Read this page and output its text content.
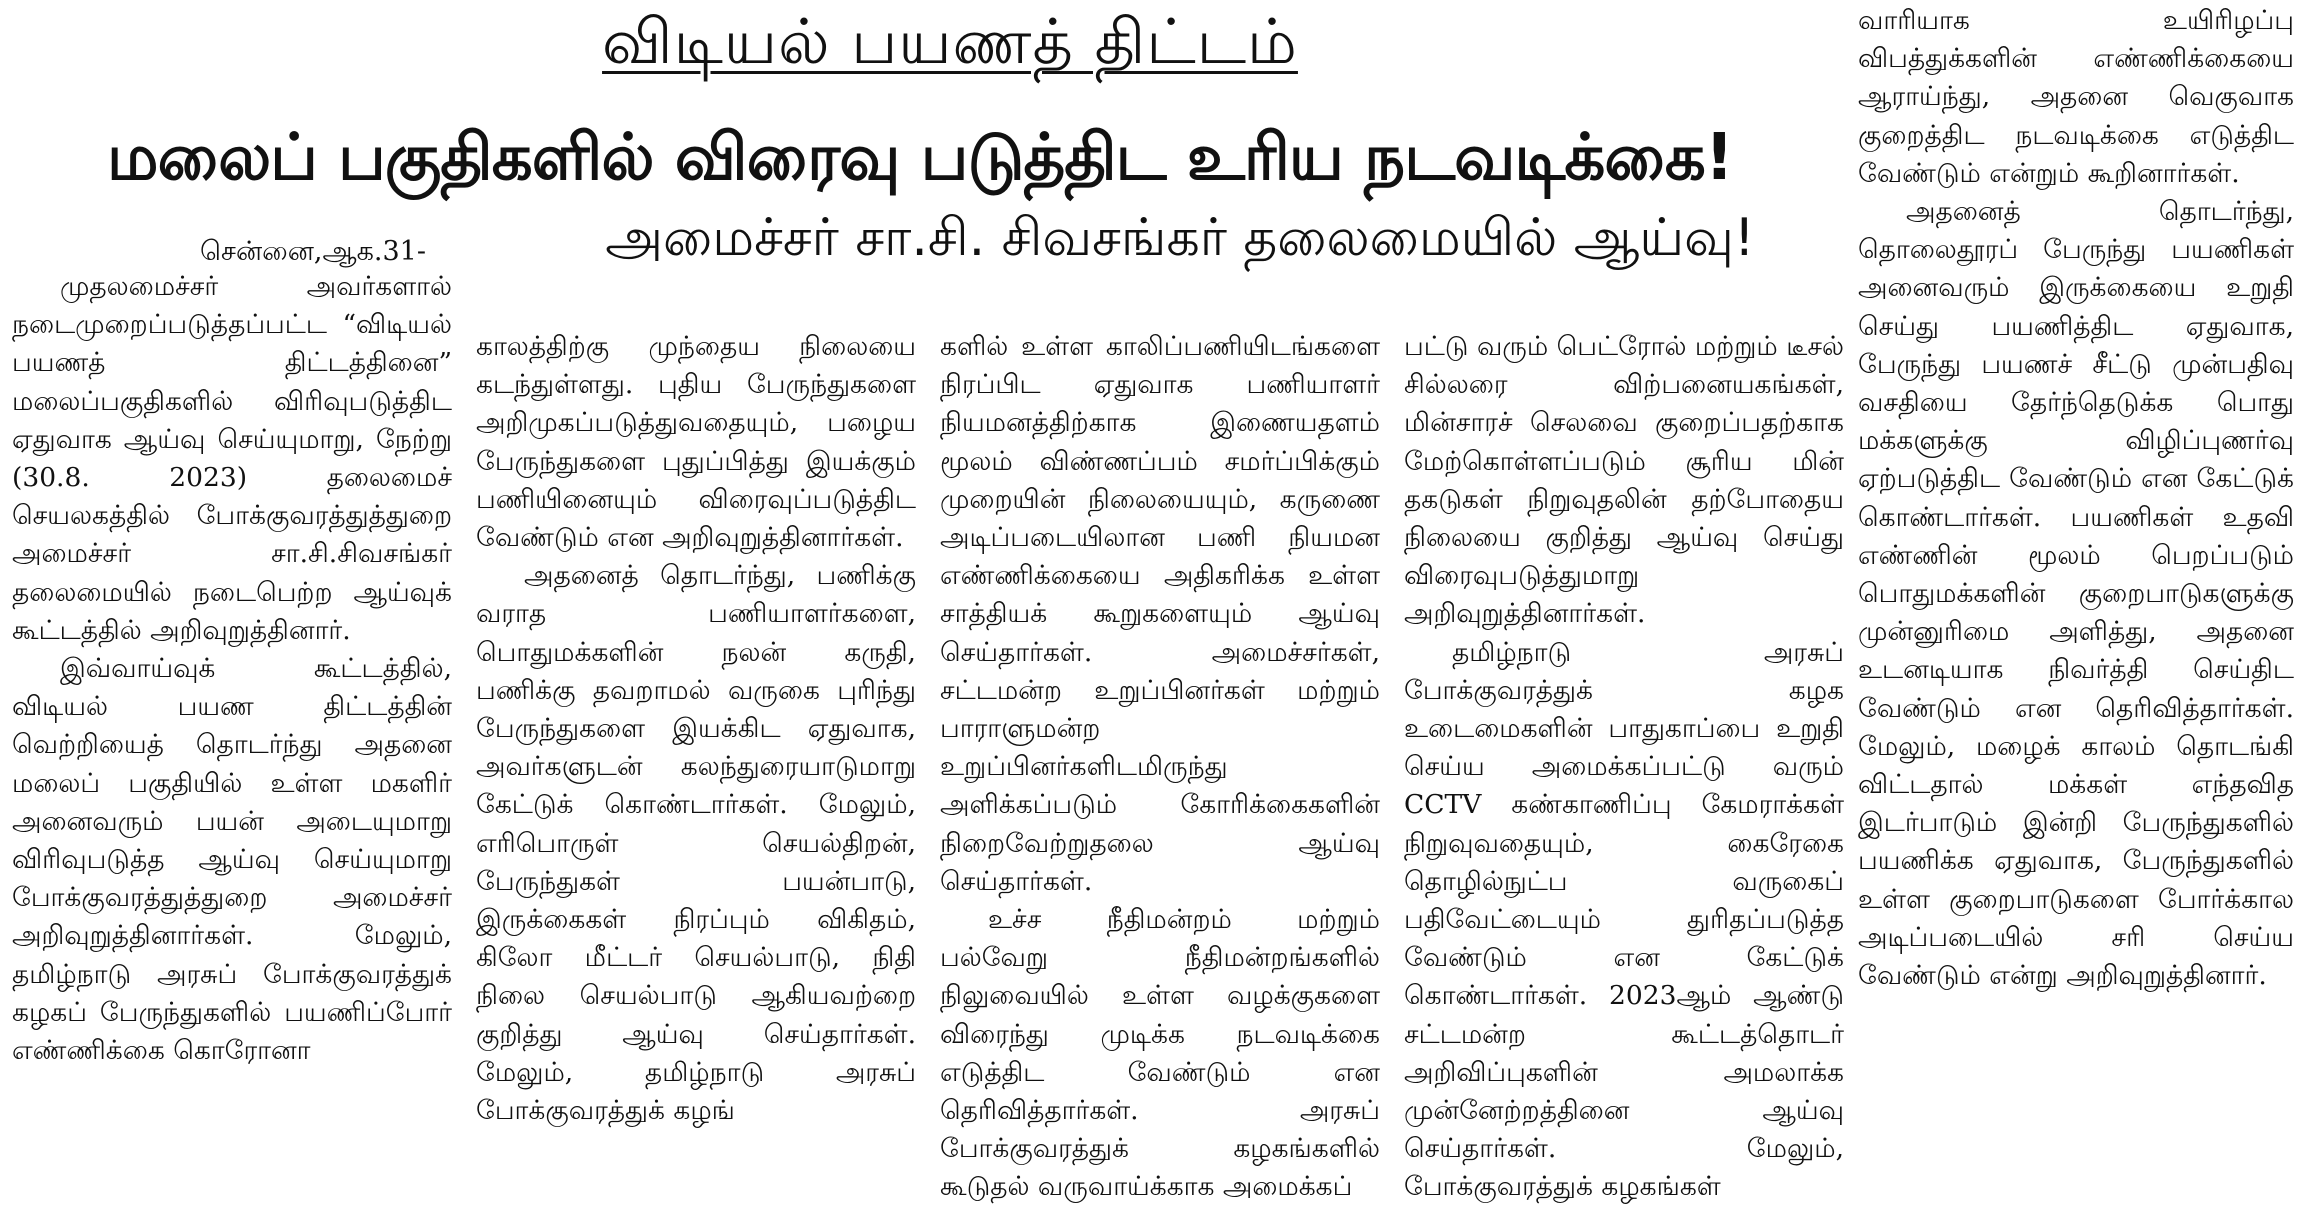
விடியல் பயணத் திட்டம்
மலைப் பகுதிகளில் விரைவு படுத்திட உரிய நடவடிக்கை!
அமைச்சர் சா.சி. சிவசங்கர் தலைமையில் ஆய்வு!
சென்னை,ஆக.31-

முதலமைச்சர் அவர்களால் நடைமுறைப்படுத்தப்பட்ட “விடியல் பயணத் திட்டத்தினை” மலைப்பகுதிகளில் விரிவுபடுத்திட ஏதுவாக ஆய்வு செய்யுமாறு, நேற்று (30.8. 2023) தலைமைச் செயலகத்தில் போக்குவரத்துத்துறை அமைச்சர் சா.சி.சிவசங்கர் தலைமையில் நடைபெற்ற ஆய்வுக் கூட்டத்தில் அறிவுறுத்தினார்.

இவ்வாய்வுக் கூட்டத்தில், விடியல் பயண திட்டத்தின் வெற்றியைத் தொடர்ந்து அதனை மலைப் பகுதியில் உள்ள மகளிர் அனைவரும் பயன் அடையுமாறு விரிவுபடுத்த ஆய்வு செய்யுமாறு போக்குவரத்துத்துறை அமைச்சர் அறிவுறுத்தினார்கள். மேலும், தமிழ்நாடு அரசுப் போக்குவரத்துக் கழகப் பேருந்துகளில் பயணிப்போர் எண்ணிக்கை கொரோனா

காலத்திற்கு முந்தைய நிலையை கடந்துள்ளது. புதிய பேருந்துகளை அறிமுகப்படுத்துவதையும், பழைய பேருந்துகளை புதுப்பித்து இயக்கும் பணியினையும் விரைவுப்படுத்திட வேண்டும் என அறிவுறுத்தினார்கள்.

அதனைத் தொடர்ந்து, பணிக்கு வராத பணியாளர்களை, பொதுமக்களின் நலன் கருதி, பணிக்கு தவறாமல் வருகை புரிந்து பேருந்துகளை இயக்கிட ஏதுவாக, அவர்களுடன் கலந்துரையாடுமாறு கேட்டுக் கொண்டார்கள். மேலும், எரிபொருள் செயல்திறன், பேருந்துகள் பயன்பாடு, இருக்கைகள் நிரப்பும் விகிதம், கிலோ மீட்டர் செயல்பாடு, நிதி நிலை செயல்பாடு ஆகியவற்றை குறித்து ஆய்வு செய்தார்கள். மேலும், தமிழ்நாடு அரசுப் போக்குவரத்துக் கழங்

களில் உள்ள காலிப்பணியிடங்களை நிரப்பிட ஏதுவாக பணியாளர் நியமனத்திற்காக இணையதளம் மூலம் விண்ணப்பம் சமர்ப்பிக்கும் முறையின் நிலையையும், கருணை அடிப்படையிலான பணி நியமன எண்ணிக்கையை அதிகரிக்க உள்ள சாத்தியக் கூறுகளையும் ஆய்வு செய்தார்கள். அமைச்சர்கள், சட்டமன்ற உறுப்பினர்கள் மற்றும் பாராளுமன்ற உறுப்பினர்களிடமிருந்து அளிக்கப்படும் கோரிக்கைகளின் நிறைவேற்றுதலை ஆய்வு செய்தார்கள்.

உச்ச நீதிமன்றம் மற்றும் பல்வேறு நீதிமன்றங்களில் நிலுவையில் உள்ள வழக்குகளை விரைந்து முடிக்க நடவடிக்கை எடுத்திட வேண்டும் என தெரிவித்தார்கள். அரசுப் போக்குவரத்துக் கழகங்களில் கூடுதல் வருவாய்க்காக அமைக்கப்

பட்டு வரும் பெட்ரோல் மற்றும் டீசல் சில்லரை விற்பனையகங்கள், மின்சாரச் செலவை குறைப்பதற்காக மேற்கொள்ளப்படும் சூரிய மின் தகடுகள் நிறுவுதலின் தற்போதைய நிலையை குறித்து ஆய்வு செய்து விரைவுபடுத்துமாறு அறிவுறுத்தினார்கள்.

தமிழ்நாடு அரசுப் போக்குவரத்துக் கழக உடைமைகளின் பாதுகாப்பை உறுதி செய்ய அமைக்கப்பட்டு வரும் CCTV கண்காணிப்பு கேமராக்கள் நிறுவுவதையும், கைரேகை தொழில்நுட்ப வருகைப் பதிவேட்டையும் துரிதப்படுத்த வேண்டும் என கேட்டுக் கொண்டார்கள். 2023ஆம் ஆண்டு சட்டமன்ற கூட்டத்தொடர் அறிவிப்புகளின் அமலாக்க முன்னேற்றத்தினை ஆய்வு செய்தார்கள். மேலும், போக்குவரத்துக் கழகங்கள்

வாரியாக உயிரிழப்பு விபத்துக்களின் எண்ணிக்கையை ஆராய்ந்து, அதனை வெகுவாக குறைத்திட நடவடிக்கை எடுத்திட வேண்டும் என்றும் கூறினார்கள்.

அதனைத் தொடர்ந்து, தொலைதூரப் பேருந்து பயணிகள் அனைவரும் இருக்கையை உறுதி செய்து பயணித்திட ஏதுவாக, பேருந்து பயணச் சீட்டு முன்பதிவு வசதியை தேர்ந்தெடுக்க பொது மக்களுக்கு விழிப்புணர்வு ஏற்படுத்திட வேண்டும் என கேட்டுக் கொண்டார்கள். பயணிகள் உதவி எண்ணின் மூலம் பெறப்படும் பொதுமக்களின் குறைபாடுகளுக்கு முன்னுரிமை அளித்து, அதனை உடனடியாக நிவர்த்தி செய்திட வேண்டும் என தெரிவித்தார்கள். மேலும், மழைக் காலம் தொடங்கி விட்டதால் மக்கள் எந்தவித இடர்பாடும் இன்றி பேருந்துகளில் பயணிக்க ஏதுவாக, பேருந்துகளில் உள்ள குறைபாடுகளை போர்க்கால அடிப்படையில் சரி செய்ய வேண்டும் என்று அறிவுறுத்தினார்.
